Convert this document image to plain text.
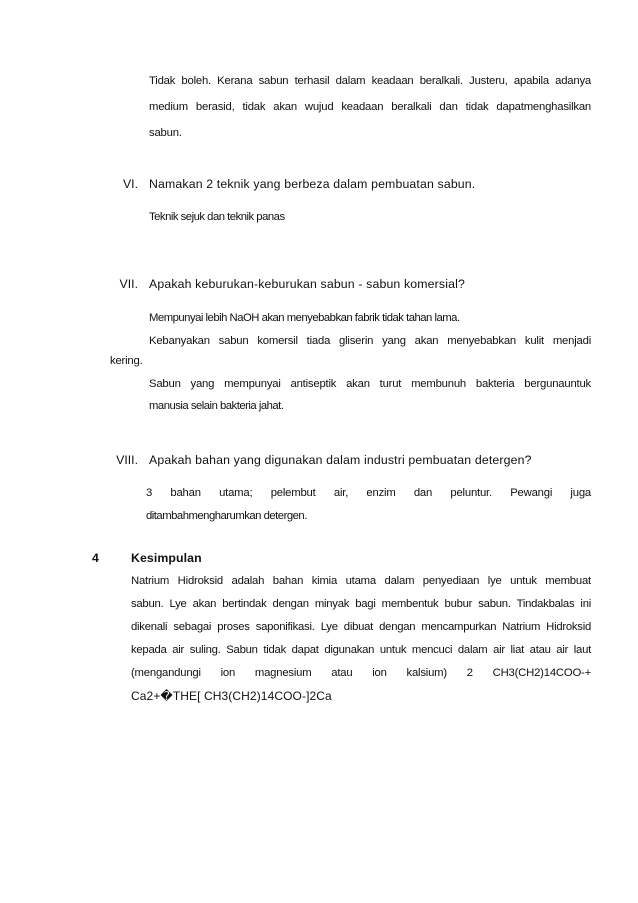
Tidak boleh. Kerana sabun terhasil dalam keadaan beralkali. Justeru, apabila adanya
medium berasid, tidak akan wujud keadaan beralkali dan tidak dapatmenghasilkan
sabun.
VI. Namakan 2 teknik yang berbeza dalam pembuatan sabun.
Teknik sejuk dan teknik panas
VII. Apakah keburukan-keburukan sabun - sabun komersial?
Mempunyai lebih NaOH akan menyebabkan fabrik tidak tahan lama.
Kebanyakan sabun komersil tiada gliserin yang akan menyebabkan kulit menjadi
kering.
Sabun yang mempunyai antiseptik akan turut membunuh bakteria bergunauntuk
manusia selain bakteria jahat.
VIII. Apakah bahan yang digunakan dalam industri pembuatan detergen?
3 bahan utama; pelembut air, enzim dan peluntur. Pewangi juga
ditambahmengharumkan detergen.
4	Kesimpulan
Natrium Hidroksid adalah bahan kimia utama dalam penyediaan lye untuk membuat
sabun. Lye akan bertindak dengan minyak bagi membentuk bubur sabun. Tindakbalas ini
dikenali sebagai proses saponifikasi. Lye dibuat dengan mencampurkan Natrium Hidroksid
kepada air suling. Sabun tidak dapat digunakan untuk mencuci dalam air liat atau air laut
(mengandungi ion magnesium atau ion kalsium) 2 CH3(CH2)14COO-+
Ca2+�THE[ CH3(CH2)14COO-]2Ca
